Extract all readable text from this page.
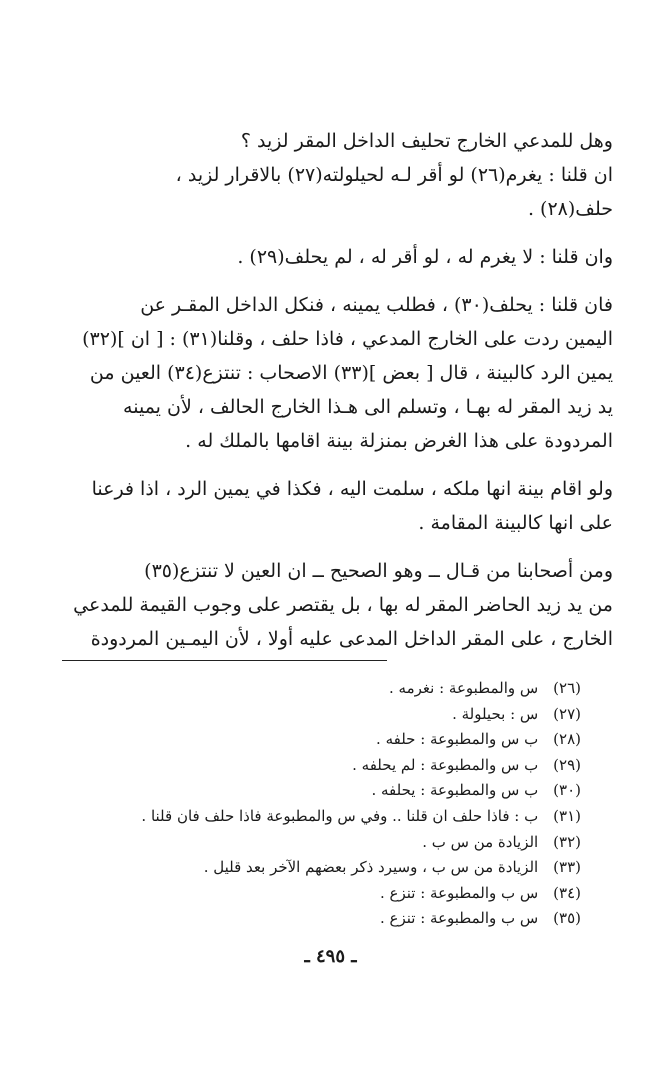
وهل للمدعي الخارج تحليف الداخل المقر لزيد ؟
ان قلنا : يغرم(٢٦) لو أقر لـه لحيلولته(٢٧) بالاقرار لزيد ،
حلف(٢٨) .
وان قلنا : لا يغرم له ، لو أقر له ، لم يحلف(٢٩) .
فان قلنا : يحلف(٣٠) ، فطلب يمينه ، فنكل الداخل المقـر عن
اليمين ردت على الخارج المدعي ، فاذا حلف ، وقلنا(٣١) : [ ان ](٣٢)
يمين الرد كالبينة ، قال [ بعض ](٣٣) الاصحاب : تنتزع(٣٤) العين من
يد زيد المقر له بهـا ، وتسلم الى هـذا الخارج الحالف ، لأن يمينه
المردودة على هذا الغرض بمنزلة بينة اقامها بالملك له .
ولو اقام بينة انها ملكه ، سلمت اليه ، فكذا في يمين الرد ، اذا فرعنا
على انها كالبينة المقامة .
ومن أصحابنا من قـال ــ وهو الصحيح ــ ان العين لا تنتزع(٣٥)
من يد زيد الحاضر المقر له بها ، بل يقتصر على وجوب القيمة للمدعي
الخارج ، على المقر الداخل المدعى عليه أولا ، لأن اليمـين المردودة
(٢٦) س والمطبوعة : نغرمه .
(٢٧) س : بحيلولة .
(٢٨) ب س والمطبوعة : حلفه .
(٢٩) ب س والمطبوعة : لم يحلفه .
(٣٠) ب س والمطبوعة : يحلفه .
(٣١) ب : فاذا حلف ان قلنا .. وفي س والمطبوعة فاذا حلف فان قلنا .
(٣٢) الزيادة من س ب .
(٣٣) الزيادة من س ب ، وسيرد ذكر بعضهم الآخر بعد قليل .
(٣٤) س ب والمطبوعة : تنزع .
(٣٥) س ب والمطبوعة : تنزع .
ـ ٤٩٥ ـ
